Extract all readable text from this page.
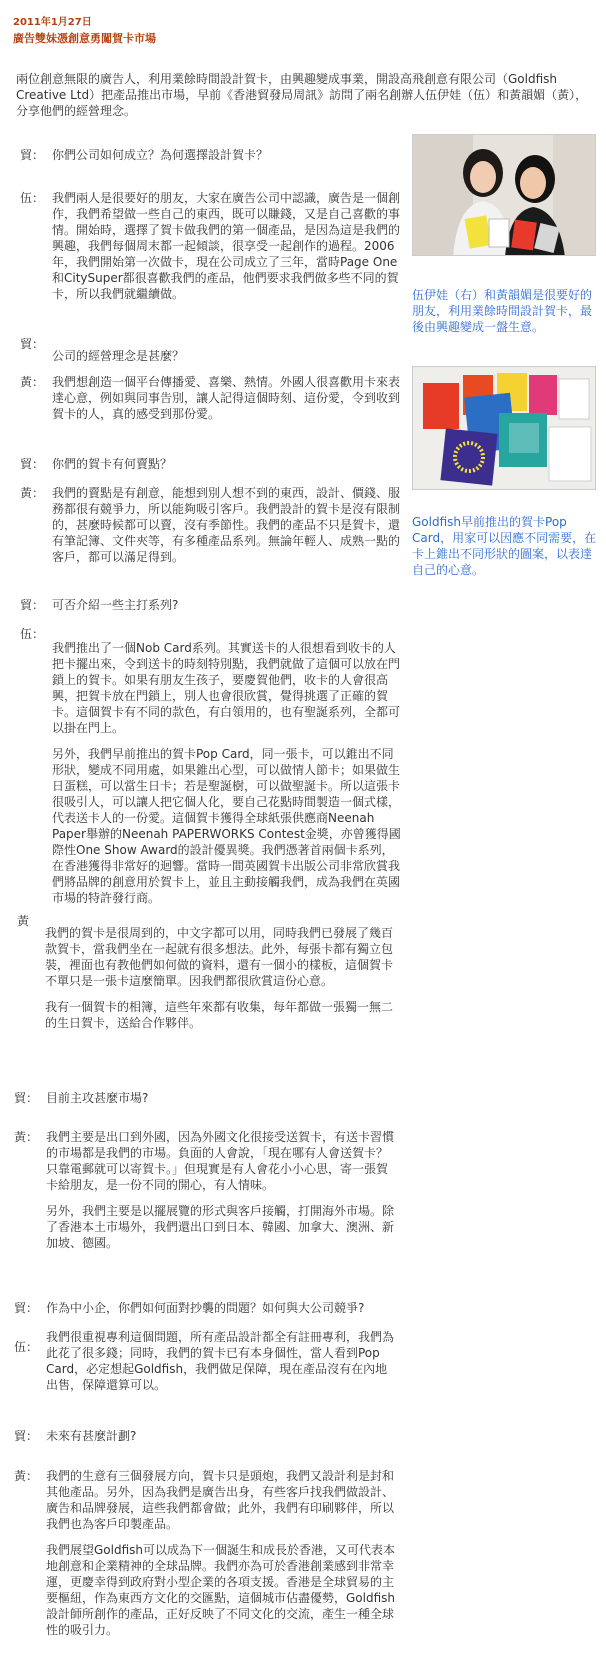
2011年1月27日
廣告雙妹憑創意勇闖賀卡市場
兩位創意無限的廣告人，利用業餘時間設計賀卡，由興趣變成事業，開設高飛創意有限公司（Goldfish Creative Ltd）把產品推出市場，早前《香港貿發局周訊》訪問了兩名創辦人伍伊娃（伍）和黃韻媚（黃），分享他們的經營理念。
貿： 你們公司如何成立？為何選擇設計賀卡？

伍： 我們兩人是很要好的朋友，大家在廣告公司中認識，廣告是一個創作，我們希望做一些自己的東西，既可以賺錢，又是自己喜歡的事情。開始時，選擇了賀卡做我們的第一個產品，是因為這是我們的興趣，我們每個周末都一起傾談，很享受一起創作的過程。2006年，我們開始第一次做卡，現在公司成立了三年，當時Page One和CitySuper都很喜歡我們的產品，他們要求我們做多些不同的賀卡，所以我們就繼續做。

貿：

公司的經營理念是甚麼？

黃： 我們想創造一個平台傳播愛、喜樂、熱情。外國人很喜歡用卡來表達心意，例如與同事告別，讓人記得這個時刻、這份愛，令到收到賀卡的人，真的感受到那份愛。

貿： 你們的賀卡有何賣點？

黃： 我們的賣點是有創意，能想到別人想不到的東西，設計、價錢、服務都很有競爭力，所以能夠吸引客戶。我們設計的賀卡是沒有限制的，甚麼時候都可以賣，沒有季節性。我們的產品不只是賀卡，還有筆記簿、文件夾等，有多種產品系列。無論年輕人、成熟一點的客戶，都可以滿足得到。

貿： 可否介紹一些主打系列?

伍：

我們推出了一個Nob Card系列。其實送卡的人很想看到收卡的人把卡擺出來，令到送卡的時刻特別點，我們就做了這個可以放在門鎖上的賀卡。如果有朋友生孩子，要慶賀他們，收卡的人會很高興，把賀卡放在門鎖上，別人也會很欣賞，覺得挑選了正確的賀卡。這個賀卡有不同的款色，有白領用的，也有聖誕系列，全都可以掛在門上。

另外，我們早前推出的賀卡Pop Card，同一張卡，可以錐出不同形狀，變成不同用處，如果錐出心型，可以做情人節卡；如果做生日蛋糕，可以當生日卡；若是聖誕樹，可以做聖誕卡。所以這張卡很吸引人，可以讓人把它個人化，要自己花點時間製造一個式樣，代表送卡人的一份愛。這個賀卡獲得全球紙張供應商Neenah Paper舉辦的Neenah PAPERWORKS Contest金獎，亦曾獲得國際性One Show Award的設計優異獎。我們憑著首兩個卡系列，在香港獲得非常好的迴響。當時一間英國賀卡出版公司非常欣賞我們將品牌的創意用於賀卡上，並且主動接觸我們，成為我們在英國市場的特許發行商。

黃

我們的賀卡是很周到的，中文字都可以用，同時我們已發展了幾百款賀卡，當我們坐在一起就有很多想法。此外，每張卡都有獨立包裝，裡面也有教他們如何做的資料，還有一個小的樣板，這個賀卡不單只是一張卡這麼簡單。因我們都很欣賞這份心意。

我有一個賀卡的相簿，這些年來都有收集，每年都做一張獨一無二的生日賀卡，送給合作夥伴。

貿： 目前主攻甚麼市場?

黃： 我們主要是出口到外國，因為外國文化很接受送賀卡，有送卡習慣的市場都是我們的市場。負面的人會說，「現在哪有人會送賀卡？只靠電郵就可以寄賀卡。」但現實是有人會花小小心思，寄一張賀卡給朋友，是一份不同的開心，有人情味。

另外，我們主要是以擺展覽的形式與客戶接觸，打開海外市場。除了香港本土市場外，我們還出口到日本、韓國、加拿大、澳洲、新加坡、德國。

貿： 作為中小企，你們如何面對抄襲的問題？如何與大公司競爭?

伍：

我們很重視專利這個問題，所有產品設計都全有註冊專利，我們為此花了很多錢；同時，我們的賀卡已有本身個性，當人看到Pop Card，必定想起Goldfish，我們做足保障，現在產品沒有在內地出售，保障還算可以。

貿： 未來有甚麼計劃?

黃： 我們的生意有三個發展方向，賀卡只是頭炮，我們又設計利是封和其他產品。另外，因為我們是廣告出身，有些客戶找我們做設計、廣告和品牌發展，這些我們都會做；此外，我們有印刷夥伴，所以我們也為客戶印製產品。

我們展望Goldfish可以成為下一個誕生和成長於香港，又可代表本地創意和企業精神的全球品牌。我們亦為可於香港創業感到非常幸運，更慶幸得到政府對小型企業的各項支援。香港是全球貿易的主要樞紐，作為東西方文化的交匯點，這個城市佔盡優勢，Goldfish設計師所創作的產品，正好反映了不同文化的交流，產生一種全球性的吸引力。

伍伊娃（右）和黃韻媚是很要好的朋友，利用業餘時間設計賀卡，最後由興趣變成一盤生意。
Goldfish早前推出的賀卡Pop Card，用家可以因應不同需要，在卡上錐出不同形狀的圖案，以表達自己的心意。
